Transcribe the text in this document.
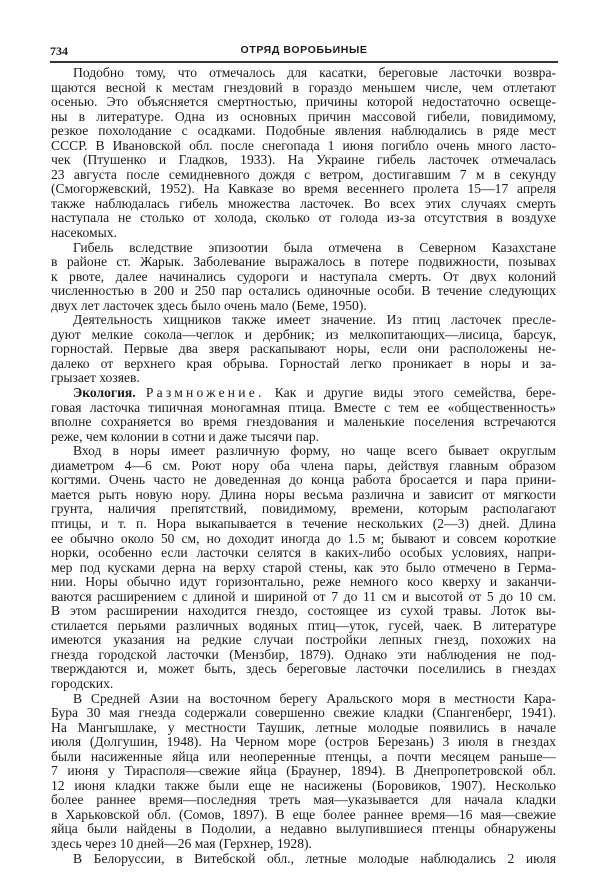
734	ОТРЯД ВОРОБЬИНЫЕ
Подобно тому, что отмечалось для касатки, береговые ласточки возвра-
щаются весной к местам гнездовий в гораздо меньшем числе, чем отлетают
осенью. Это объясняется смертностью, причины которой недостаточно освеще-
ны в литературе. Одна из основных причин массовой гибели, повидимому,
резкое похолодание с осадками. Подобные явления наблюдались в ряде мест
СССР. В Ивановской обл. после снегопада 1 июня погибло очень много ласто-
чек (Птушенко и Гладков, 1933). На Украине гибель ласточек отмечалась
23 августа после семидневного дождя с ветром, достигавшим 7 м в секунду
(Смогоржевский, 1952). На Кавказе во время весеннего пролета 15—17 апреля
также наблюдалась гибель множества ласточек. Во всех этих случаях смерть
наступала не столько от холода, сколько от голода из-за отсутствия в воздухе
насекомых.
Гибель вследствие эпизоотии была отмечена в Северном Казахстане
в районе ст. Жарык. Заболевание выражалось в потере подвижности, позывах
к рвоте, далее начинались судороги и наступала смерть. От двух колоний
численностью в 200 и 250 пар остались одиночные особи. В течение следующих
двух лет ласточек здесь было очень мало (Беме, 1950).
Деятельность хищников также имеет значение. Из птиц ласточек пресле-
дуют мелкие сокола—чеглок и дербник; из мелкопитающих—лисица, барсук,
горностай. Первые два зверя раскапывают норы, если они расположены не-
далеко от верхнего края обрыва. Горностай легко проникает в норы и за-
грызает хозяев.
Экология. Размножение. Как и другие виды этого семейства, бере-
говая ласточка типичная моногамная птица. Вместе с тем ее «общественность»
вполне сохраняется во время гнездования и маленькие поселения встречаются
реже, чем колонии в сотни и даже тысячи пар.
Вход в норы имеет различную форму, но чаще всего бывает округлым
диаметром 4—6 см. Роют нору оба члена пары, действуя главным образом
когтями. Очень часто не доведенная до конца работа бросается и пара прини-
мается рыть новую нору. Длина норы весьма различна и зависит от мягкости
грунта, наличия препятствий, повидимому, времени, которым располагают
птицы, и т. п. Нора выкапывается в течение нескольких (2—3) дней. Длина
ее обычно около 50 см, но доходит иногда до 1.5 м; бывают и совсем короткие
норки, особенно если ласточки селятся в каких-либо особых условиях, напри-
мер под кусками дерна на верху старой стены, как это было отмечено в Герма-
нии. Норы обычно идут горизонтально, реже немного косо кверху и заканчи-
ваются расширением с длиной и шириной от 7 до 11 см и высотой от 5 до 10 см.
В этом расширении находится гнездо, состоящее из сухой травы. Лоток вы-
стилается перьями различных водяных птиц—уток, гусей, чаек. В литературе
имеются указания на редкие случаи постройки лепных гнезд, похожих на
гнезда городской ласточки (Мензбир, 1879). Однако эти наблюдения не под-
тверждаются и, может быть, здесь береговые ласточки поселились в гнездах
городских.
В Средней Азии на восточном берегу Аральского моря в местности Кара-
Бура 30 мая гнезда содержали совершенно свежие кладки (Спангенберг, 1941).
На Мангышлаке, у местности Таушик, летные молодые появились в начале
июля (Долгушин, 1948). На Черном море (остров Березань) 3 июля в гнездах
были насиженные яйца или неоперенные птенцы, а почти месяцем раньше—
7 июня у Тирасполя—свежие яйца (Браунер, 1894). В Днепропетровской обл.
12 июня кладки также были еще не насижены (Боровиков, 1907). Несколько
более раннее время—последняя треть мая—указывается для начала кладки
в Харьковской обл. (Сомов, 1897). В еще более раннее время—16 мая—свежие
яйца были найдены в Подолии, а недавно вылупившиеся птенцы обнаружены
здесь через 10 дней—26 мая (Герхнер, 1928).
В Белоруссии, в Витебской обл., летные молодые наблюдались 2 июля
